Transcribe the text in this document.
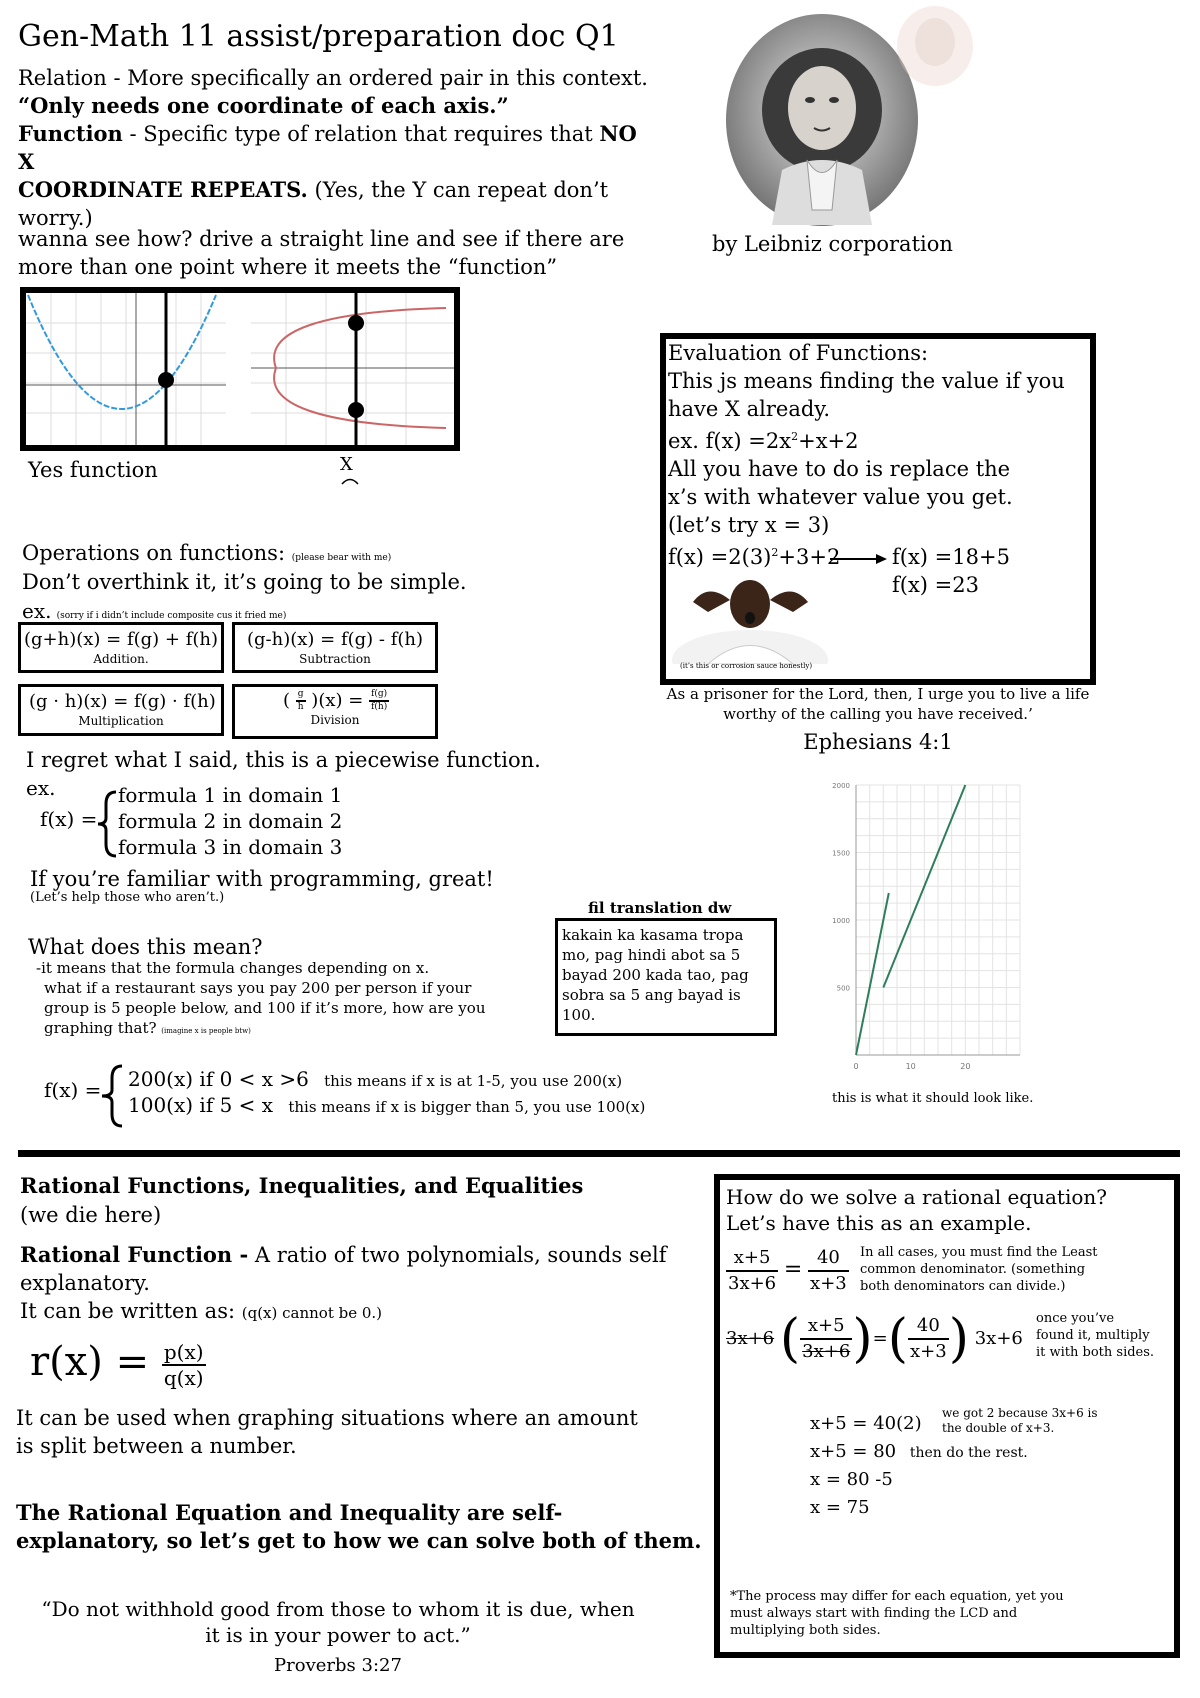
Gen-Math 11 assist/preparation doc Q1
Relation - More specifically an ordered pair in this context.
“Only needs one coordinate of each axis.”
Function - Specific type of relation that requires that NO X
COORDINATE REPEATS. (Yes, the Y can repeat don’t worry.)
by Leibniz corporation
wanna see how? drive a straight line and see if there are
more than one point where it meets the “function”
Yes function	X
Evaluation of Functions:
This js means finding the value if you
have X already.
ex. $f(x) =2x^2+x+2$
All you have to do is replace the
x’s with whatever value you get.
(let’s try x = 3)
$f(x) =2(3)^2+3+2$	f(x) =18+5
f(x) =23
(it’s this or corrosion sauce honestly)
As a prisoner for the Lord, then, I urge you to live a life
worthy of the calling you have received.’
Ephesians 4:1
Operations on functions: (please bear with me)
Don’t overthink it, it’s going to be simple.
ex. (sorry if i didn’t include composite cus it fried me)
(g+h)(x) = f(g) + f(h)
Addition.
(g-h)(x) = f(g) - f(h)
Subtraction
(g · h)(x) = f(g) · f(h)
Multiplication
( $\frac{g}{h} )(x) = \frac{f(g)}{f(h)}$
Division
I regret what I said, this is a piecewise function.
ex.
f(x) =
formula 1 in domain 1
formula 2 in domain 2
formula 3 in domain 3
If you’re familiar with programming, great!
(Let’s help those who aren’t.)
What does this mean?
-it means that the formula changes depending on x.
what if a restaurant says you pay 200 per person if your
group is 5 people below, and 100 if it’s more, how are you
graphing that? (imagine x is people btw)
f(x) = 200(x) if 0 < x >6 this means if x is at 1-5, you use 200(x)
100(x) if 5 < x this means if x is bigger than 5, you use 100(x)
fil translation dw
kakain ka kasama tropa
mo, pag hindi abot sa 5
bayad 200 kada tao, pag
sobra sa 5 ang bayad is
100.
0	10	20
500
1000
1500
2000
this is what it should look like.
Rational Functions, Inequalities, and Equalities
(we die here)
Rational Function - A ratio of two polynomials, sounds self
explanatory.
It can be written as: (q(x) cannot be 0.)
$r(x) = \frac{p(x)}{q(x)}$
It can be used when graphing situations where an amount
is split between a number.
The Rational Equation and Inequality are self-
explanatory, so let’s get to how we can solve both of them.
“Do not withhold good from those to whom it is due, when
it is in your power to act.”
Proverbs 3:27
How do we solve a rational equation?
Let’s have this as an example.
$\frac{x+5}{3x+6} = \frac{40}{x+3}$ In all cases, you must find the Least
common denominator. (something
both denominators can divide.)
3x+6 ( $\frac{x+5}{3x+6}$ )=( $\frac{40}{x+3}$ ) 3x+6
once you’ve
found it, multiply
it with both sides.
x+5 = 40(2)
x+5 = 80 then do the rest.
x = 80 -5
x = 75
we got 2 because 3x+6 is
the double of x+3.
*The process may differ for each equation, yet you
must always start with finding the LCD and
multiplying both sides.
